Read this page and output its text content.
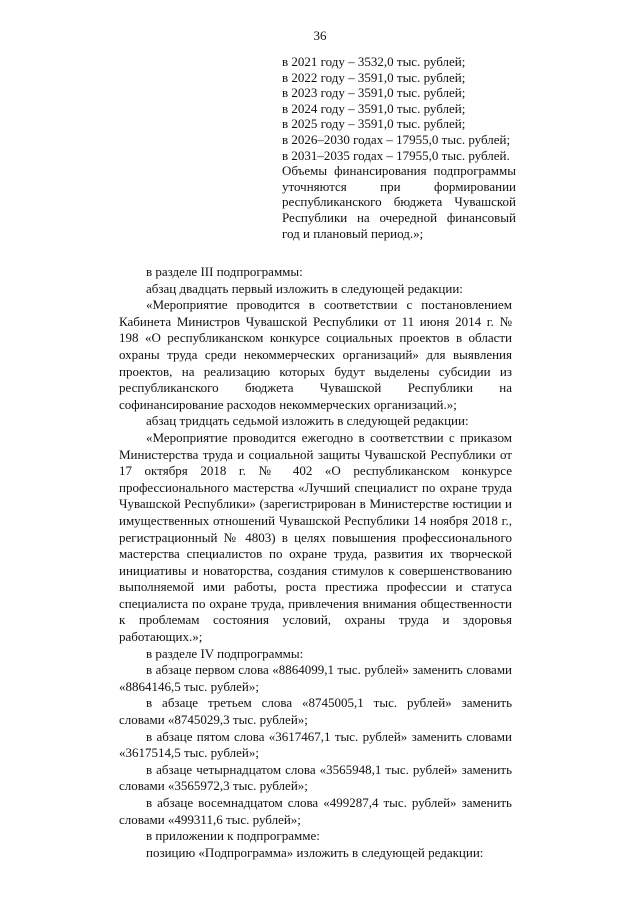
36
в 2021 году – 3532,0 тыс. рублей;
в 2022 году – 3591,0 тыс. рублей;
в 2023 году – 3591,0 тыс. рублей;
в 2024 году – 3591,0 тыс. рублей;
в 2025 году – 3591,0 тыс. рублей;
в 2026–2030 годах – 17955,0 тыс. рублей;
в 2031–2035 годах – 17955,0 тыс. рублей.
Объемы финансирования подпрограммы уточняются при формировании республиканского бюджета Чувашской Республики на очередной финансовый год и плановый период.»;

в разделе III подпрограммы:

абзац двадцать первый изложить в следующей редакции:

«Мероприятие проводится в соответствии с постановлением Кабинета Министров Чувашской Республики от 11 июня 2014 г. № 198 «О республиканском конкурсе социальных проектов в области охраны труда среди некоммерческих организаций» для выявления проектов, на реализацию которых будут выделены субсидии из республиканского бюджета Чувашской Республики на софинансирование расходов некоммерческих организаций.»;

абзац тридцать седьмой изложить в следующей редакции:

«Мероприятие проводится ежегодно в соответствии с приказом Министерства труда и социальной защиты Чувашской Республики от 17 октября 2018 г. № 402 «О республиканском конкурсе профессионального мастерства «Лучший специалист по охране труда Чувашской Республики» (зарегистрирован в Министерстве юстиции и имущественных отношений Чувашской Республики 14 ноября 2018 г., регистрационный № 4803) в целях повышения профессионального мастерства специалистов по охране труда, развития их творческой инициативы и новаторства, создания стимулов к совершенствованию выполняемой ими работы, роста престижа профессии и статуса специалиста по охране труда, привлечения внимания общественности к проблемам состояния условий, охраны труда и здоровья работающих.»;

в разделе IV подпрограммы:

в абзаце первом слова «8864099,1 тыс. рублей» заменить словами «8864146,5 тыс. рублей»;

в абзаце третьем слова «8745005,1 тыс. рублей» заменить словами «8745029,3 тыс. рублей»;

в абзаце пятом слова «3617467,1 тыс. рублей» заменить словами «3617514,5 тыс. рублей»;

в абзаце четырнадцатом слова «3565948,1 тыс. рублей» заменить словами «3565972,3 тыс. рублей»;

в абзаце восемнадцатом слова «499287,4 тыс. рублей» заменить словами «499311,6 тыс. рублей»;

в приложении к подпрограмме:

позицию «Подпрограмма» изложить в следующей редакции:
